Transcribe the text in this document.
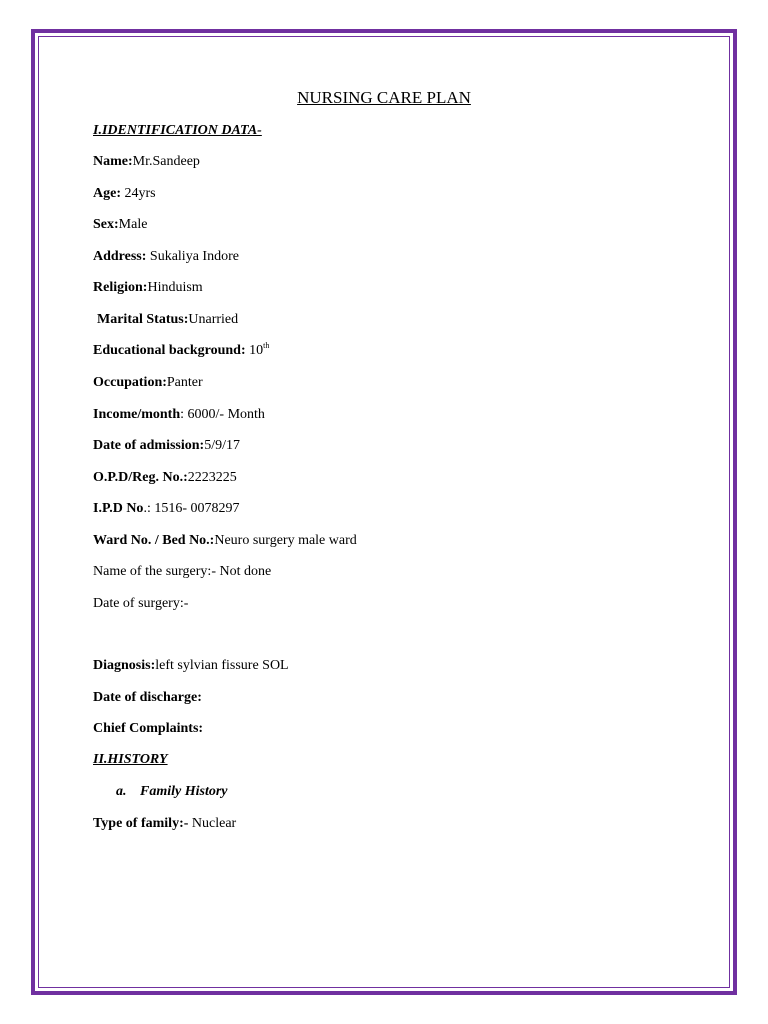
NURSING CARE PLAN
I.IDENTIFICATION DATA-
Name:Mr.Sandeep
Age: 24yrs
Sex:Male
Address: Sukaliya Indore
Religion:Hinduism
Marital Status:Unarried
Educational background: 10th
Occupation:Panter
Income/month: 6000/- Month
Date of admission:5/9/17
O.P.D/Reg. No.:2223225
I.P.D No.: 1516- 0078297
Ward No. / Bed No.:Neuro surgery male ward
Name of the surgery:- Not done
Date of surgery:-
Diagnosis:left sylvian fissure SOL
Date of discharge:
Chief Complaints:
II.HISTORY
a. Family History
Type of family:- Nuclear
